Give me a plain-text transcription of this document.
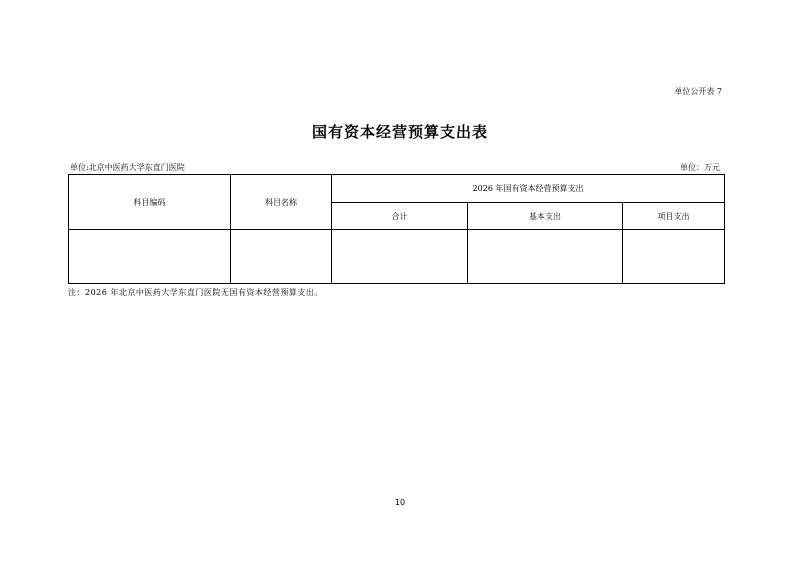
单位公开表 7
国有资本经营预算支出表
单位:北京中医药大学东直门医院	单位：万元
科目编码	科目名称	2026 年国有资本经营预算支出		
		合计	基本支出	项目支出

注：2026 年北京中医药大学东直门医院无国有资本经营预算支出。
10
